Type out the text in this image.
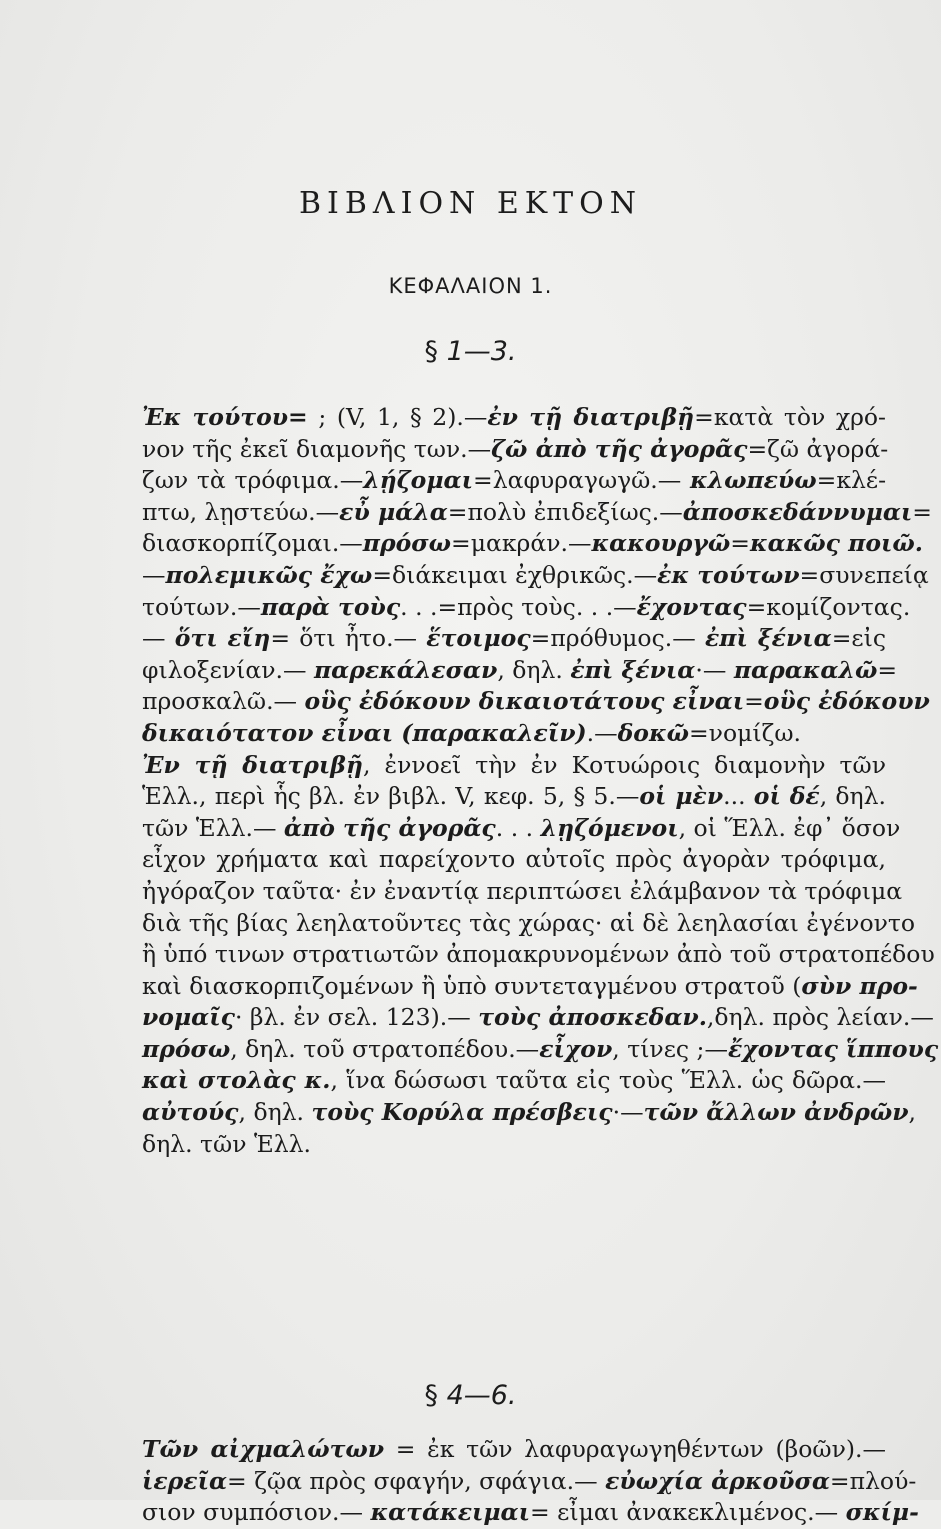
ΒΙΒΛΙΟΝ ΕΚΤΟΝ
ΚΕΦΑΛΑΙΟΝ 1.
§ 1—3.
Ἐκ τούτου= ; (V, 1, § 2).—ἐν τῇ διατριβῇ=κατὰ τὸν χρό-
νον τῆς ἐκεῖ διαμονῆς των.—ζῶ ἀπὸ τῆς ἀγορᾶς=ζῶ ἀγορά-
ζων τὰ τρόφιμα.—λῄζομαι=λαφυραγωγῶ.— κλωπεύω=κλέ-
πτω, λῃστεύω.—εὖ μάλα=πολὺ ἐπιδεξίως.—ἀποσκεδάννυμαι=
διασκορπίζομαι.—πρόσω=μακράν.—κακουργῶ=κακῶς ποιῶ.
—πολεμικῶς ἔχω=διάκειμαι ἐχθρικῶς.—ἐκ τούτων=συνεπείᾳ
τούτων.—παρὰ τοὺς. . .=πρὸς τοὺς. . .—ἔχοντας=κομίζοντας.
— ὅτι εἴη= ὅτι ἦτο.— ἕτοιμος=πρόθυμος.— ἐπὶ ξένια=εἰς
φιλοξενίαν.— παρεκάλεσαν, δηλ. ἐπὶ ξένια·— παρακαλῶ=
προσκαλῶ.— οὓς ἐδόκουν δικαιοτάτους εἶναι=οὓς ἐδόκουν
δικαιότατον εἶναι (παρακαλεῖν).—δοκῶ=νομίζω.
Ἐν τῇ διατριβῇ, ἐννοεῖ τὴν ἐν Κοτυώροις διαμονὴν τῶν
Ἑλλ., περὶ ἧς βλ. ἐν βιβλ. V, κεφ. 5, § 5.—οἱ μὲν... οἱ δέ, δηλ.
τῶν Ἑλλ.— ἀπὸ τῆς ἀγορᾶς. . . λῃζόμενοι, οἱ Ἕλλ. ἐφ᾽ ὅσον
εἶχον χρήματα καὶ παρείχοντο αὐτοῖς πρὸς ἀγορὰν τρόφιμα,
ἠγόραζον ταῦτα· ἐν ἐναντίᾳ περιπτώσει ἐλάμβανον τὰ τρόφιμα
διὰ τῆς βίας λεηλατοῦντες τὰς χώρας· αἱ δὲ λεηλασίαι ἐγένοντο
ἢ ὑπό τινων στρατιωτῶν ἀπομακρυνομένων ἀπὸ τοῦ στρατοπέδου
καὶ διασκορπιζομένων ἢ ὑπὸ συντεταγμένου στρατοῦ (σὺν προ-
νομαῖς· βλ. ἐν σελ. 123).— τοὺς ἀποσκεδαν.,δηλ. πρὸς λείαν.—
πρόσω, δηλ. τοῦ στρατοπέδου.—εἶχον, τίνες ;—ἔχοντας ἵππους
καὶ στολὰς κ., ἵνα δώσωσι ταῦτα εἰς τοὺς Ἕλλ. ὡς δῶρα.—
αὐτούς, δηλ. τοὺς Κορύλα πρέσβεις·—τῶν ἄλλων ἀνδρῶν,
δηλ. τῶν Ἑλλ.
§ 4—6.
Τῶν αἰχμαλώτων = ἐκ τῶν λαφυραγωγηθέντων (βοῶν).—
ἱερεῖα= ζῷα πρὸς σφαγήν, σφάγια.— εὐωχία ἀρκοῦσα=πλού-
σιον συμπόσιον.— κατάκειμαι= εἶμαι ἀνακεκλιμένος.— σκίμ-
